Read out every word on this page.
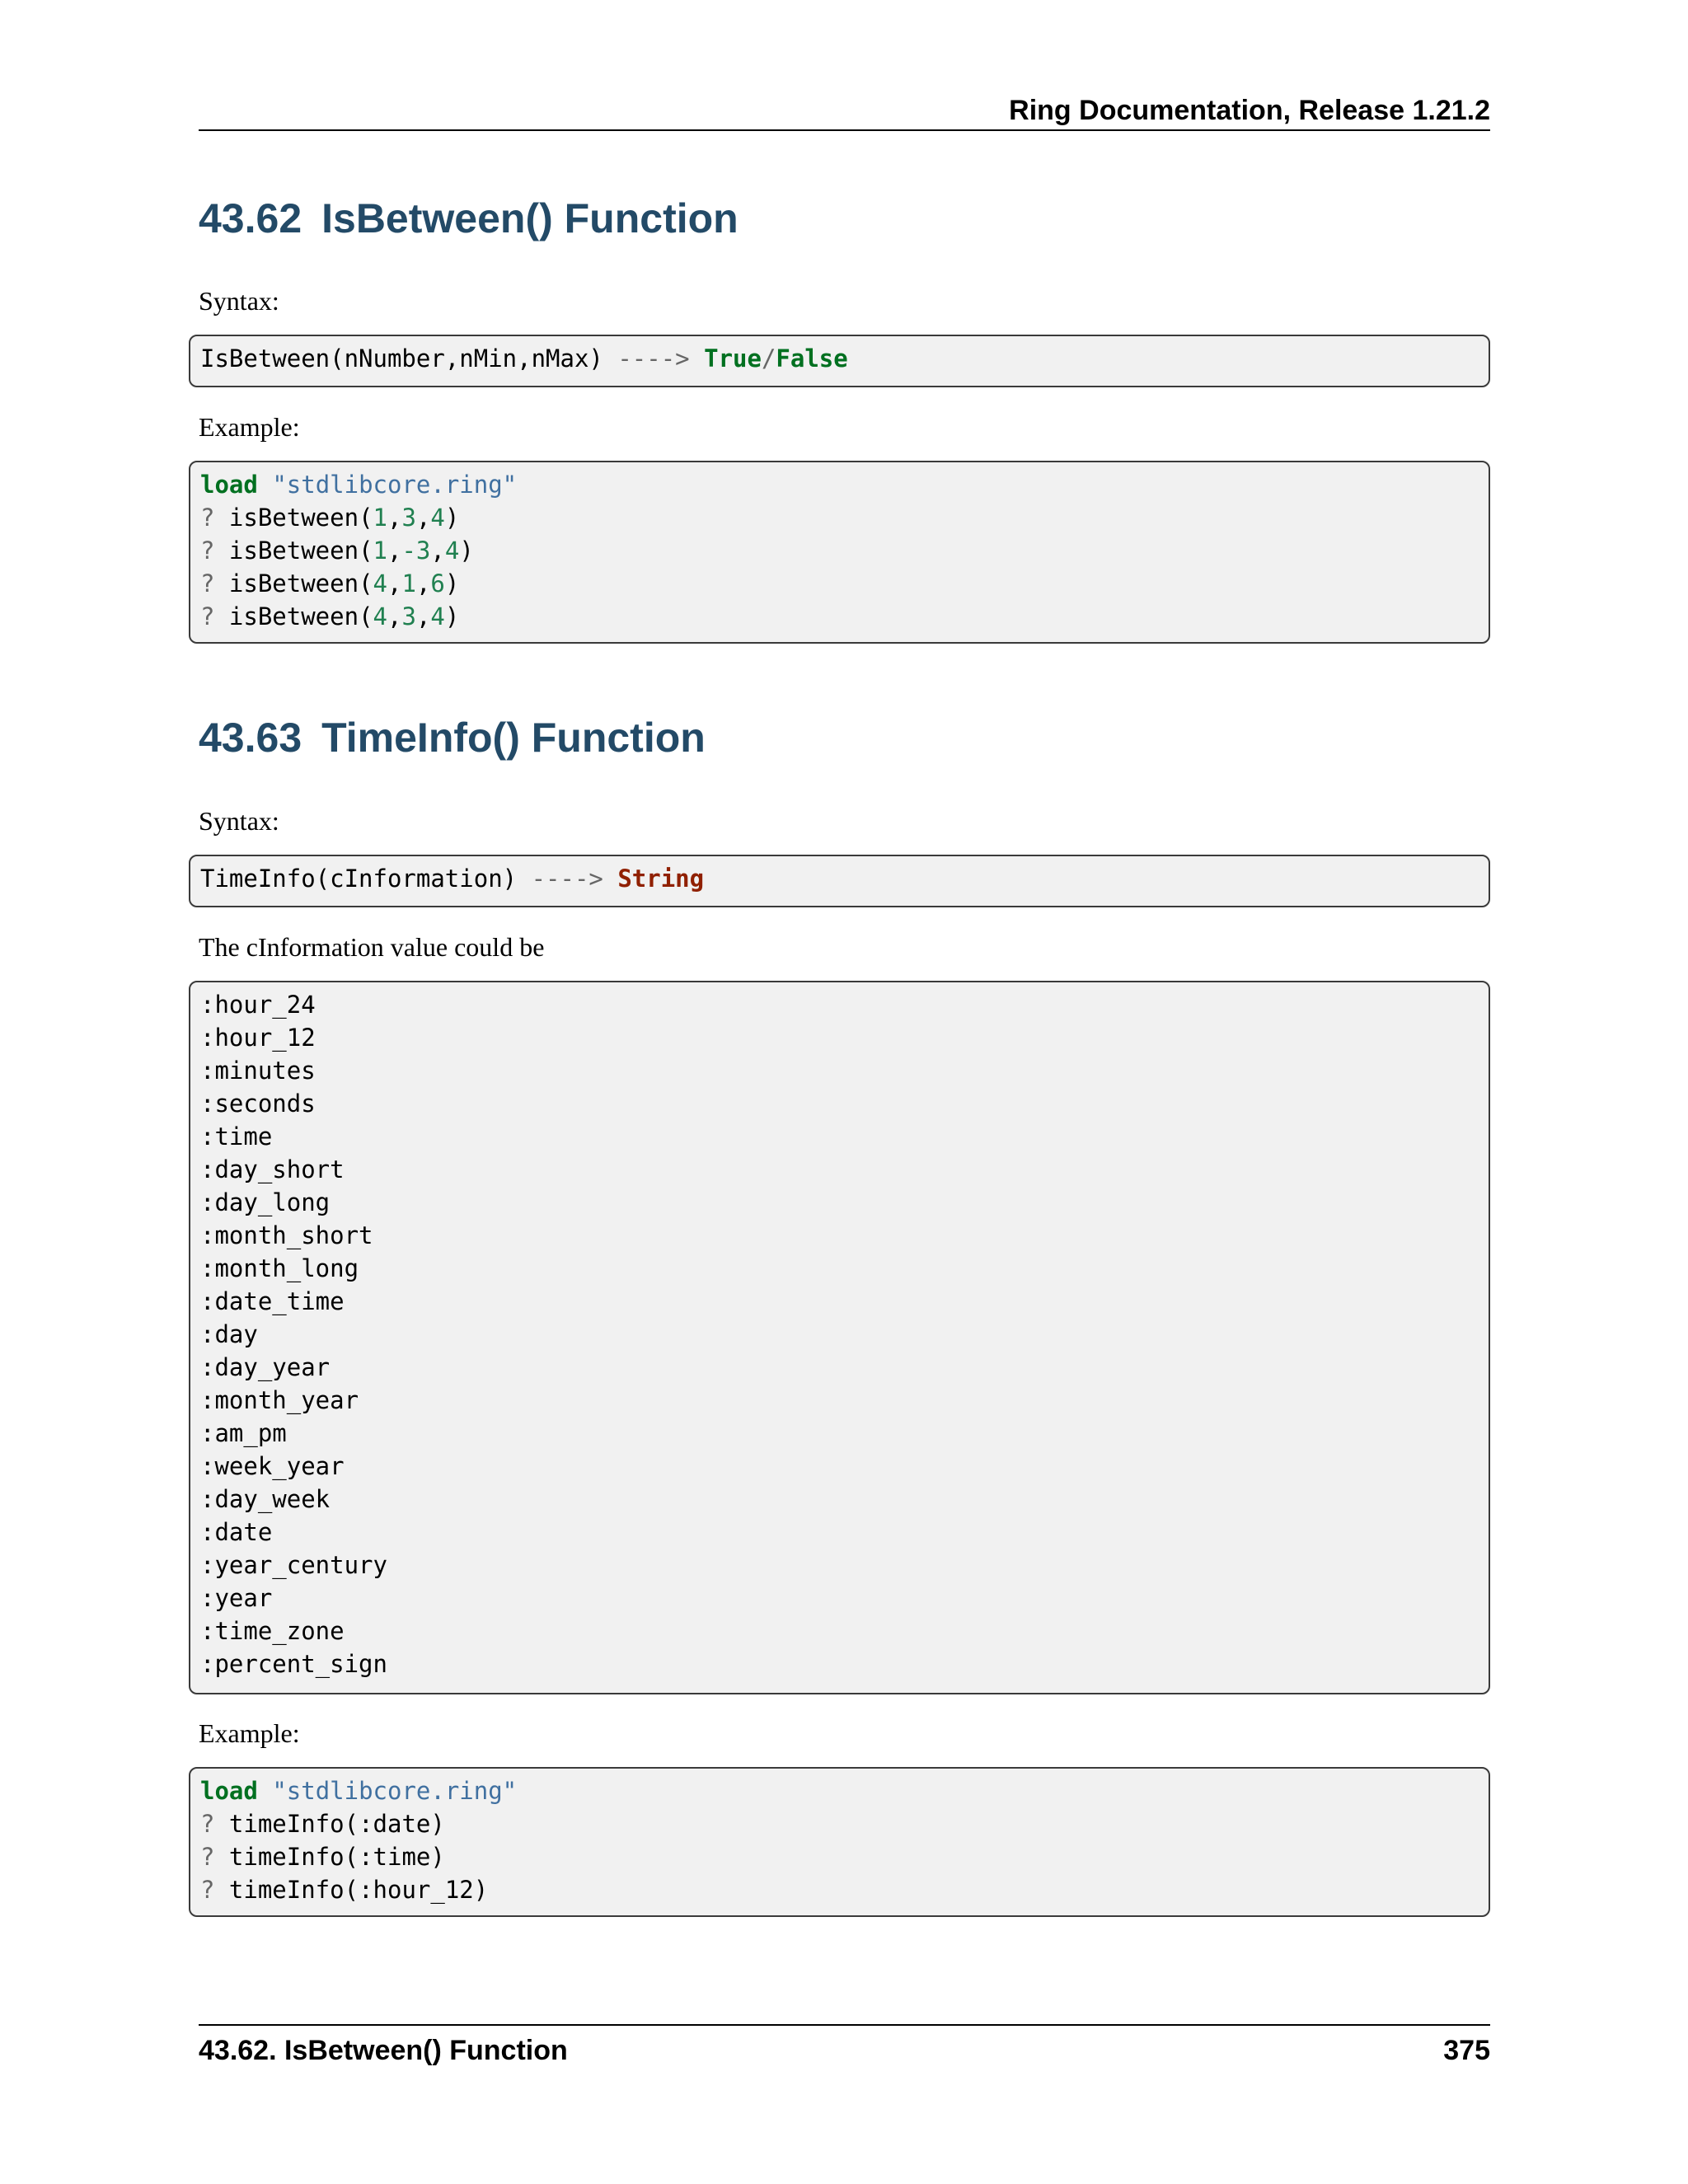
Ring Documentation, Release 1.21.2
43.62 IsBetween() Function
Syntax:
IsBetween(nNumber,nMin,nMax) ----> True/False
Example:
load "stdlibcore.ring"
? isBetween(1,3,4)
? isBetween(1,-3,4)
? isBetween(4,1,6)
? isBetween(4,3,4)
43.63 TimeInfo() Function
Syntax:
TimeInfo(cInformation) ----> String
The cInformation value could be
:hour_24
:hour_12
:minutes
:seconds
:time
:day_short
:day_long
:month_short
:month_long
:date_time
:day
:day_year
:month_year
:am_pm
:week_year
:day_week
:date
:year_century
:year
:time_zone
:percent_sign
Example:
load "stdlibcore.ring"
? timeInfo(:date)
? timeInfo(:time)
? timeInfo(:hour_12)
43.62. IsBetween() Function	375
